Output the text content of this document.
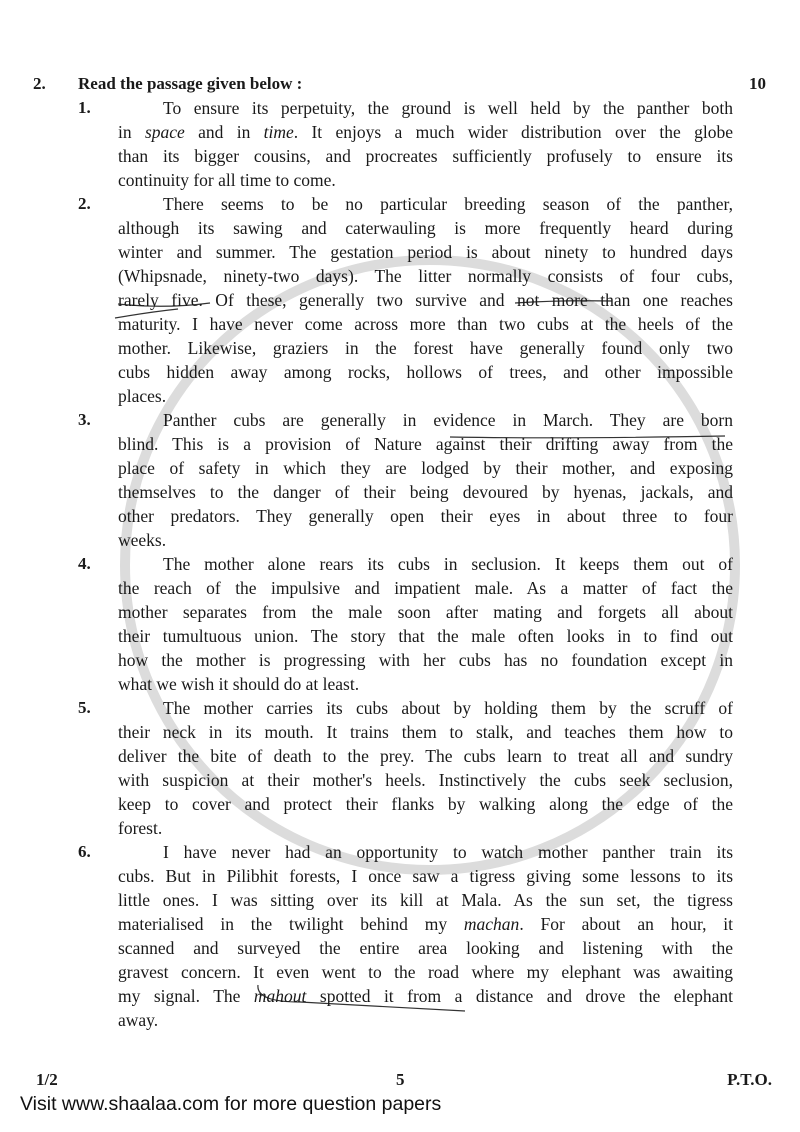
2. Read the passage given below :	10
1.	To ensure its perpetuity, the ground is well held by the panther both
in space and in time. It enjoys a much wider distribution over the globe
than its bigger cousins, and procreates sufficiently profusely to ensure its
continuity for all time to come.
2.	There seems to be no particular breeding season of the panther,
although its sawing and caterwauling is more frequently heard during
winter and summer. The gestation period is about ninety to hundred days
(Whipsnade, ninety-two days). The litter normally consists of four cubs,
rarely five. Of these, generally two survive and not more than one reaches
maturity. I have never come across more than two cubs at the heels of the
mother. Likewise, graziers in the forest have generally found only two
cubs hidden away among rocks, hollows of trees, and other impossible
places.
3.	Panther cubs are generally in evidence in March. They are born
blind. This is a provision of Nature against their drifting away from the
place of safety in which they are lodged by their mother, and exposing
themselves to the danger of their being devoured by hyenas, jackals, and
other predators. They generally open their eyes in about three to four
weeks.
4.	The mother alone rears its cubs in seclusion. It keeps them out of
the reach of the impulsive and impatient male. As a matter of fact the
mother separates from the male soon after mating and forgets all about
their tumultuous union. The story that the male often looks in to find out
how the mother is progressing with her cubs has no foundation except in
what we wish it should do at least.
5.	The mother carries its cubs about by holding them by the scruff of
their neck in its mouth. It trains them to stalk, and teaches them how to
deliver the bite of death to the prey. The cubs learn to treat all and sundry
with suspicion at their mother's heels. Instinctively the cubs seek seclusion,
keep to cover and protect their flanks by walking along the edge of the
forest.
6.	I have never had an opportunity to watch mother panther train its
cubs. But in Pilibhit forests, I once saw a tigress giving some lessons to its
little ones. I was sitting over its kill at Mala. As the sun set, the tigress
materialised in the twilight behind my machan. For about an hour, it
scanned and surveyed the entire area looking and listening with the
gravest concern. It even went to the road where my elephant was awaiting
my signal. The mahout spotted it from a distance and drove the elephant
away.
1/2	5	P.T.O.
Visit www.shaalaa.com for more question papers
